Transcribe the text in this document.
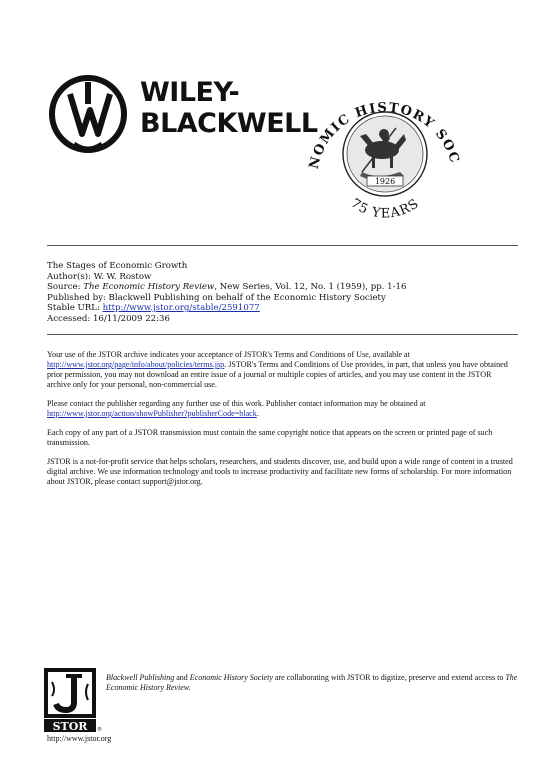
WILEY-
BLACKWELL
NOMIC HISTORY SOC
1926
75 YEARS
The Stages of Economic Growth
Author(s): W. W. Rostow
Source: The Economic History Review, New Series, Vol. 12, No. 1 (1959), pp. 1-16
Published by: Blackwell Publishing on behalf of the Economic History Society
Stable URL: http://www.jstor.org/stable/2591077
Accessed: 16/11/2009 22:36

Your use of the JSTOR archive indicates your acceptance of JSTOR's Terms and Conditions of Use, available at http://www.jstor.org/page/info/about/policies/terms.jsp. JSTOR's Terms and Conditions of Use provides, in part, that unless you have obtained prior permission, you may not download an entire issue of a journal or multiple copies of articles, and you may use content in the JSTOR archive only for your personal, non-commercial use.

Please contact the publisher regarding any further use of this work. Publisher contact information may be obtained at http://www.jstor.org/action/showPublisher?publisherCode=black.

Each copy of any part of a JSTOR transmission must contain the same copyright notice that appears on the screen or printed page of such transmission.

JSTOR is a not-for-profit service that helps scholars, researchers, and students discover, use, and build upon a wide range of content in a trusted digital archive. We use information technology and tools to increase productivity and facilitate new forms of scholarship. For more information about JSTOR, please contact support@jstor.org.

STOR ®
Blackwell Publishing and Economic History Society are collaborating with JSTOR to digitize, preserve and extend access to The Economic History Review.
http://www.jstor.org
